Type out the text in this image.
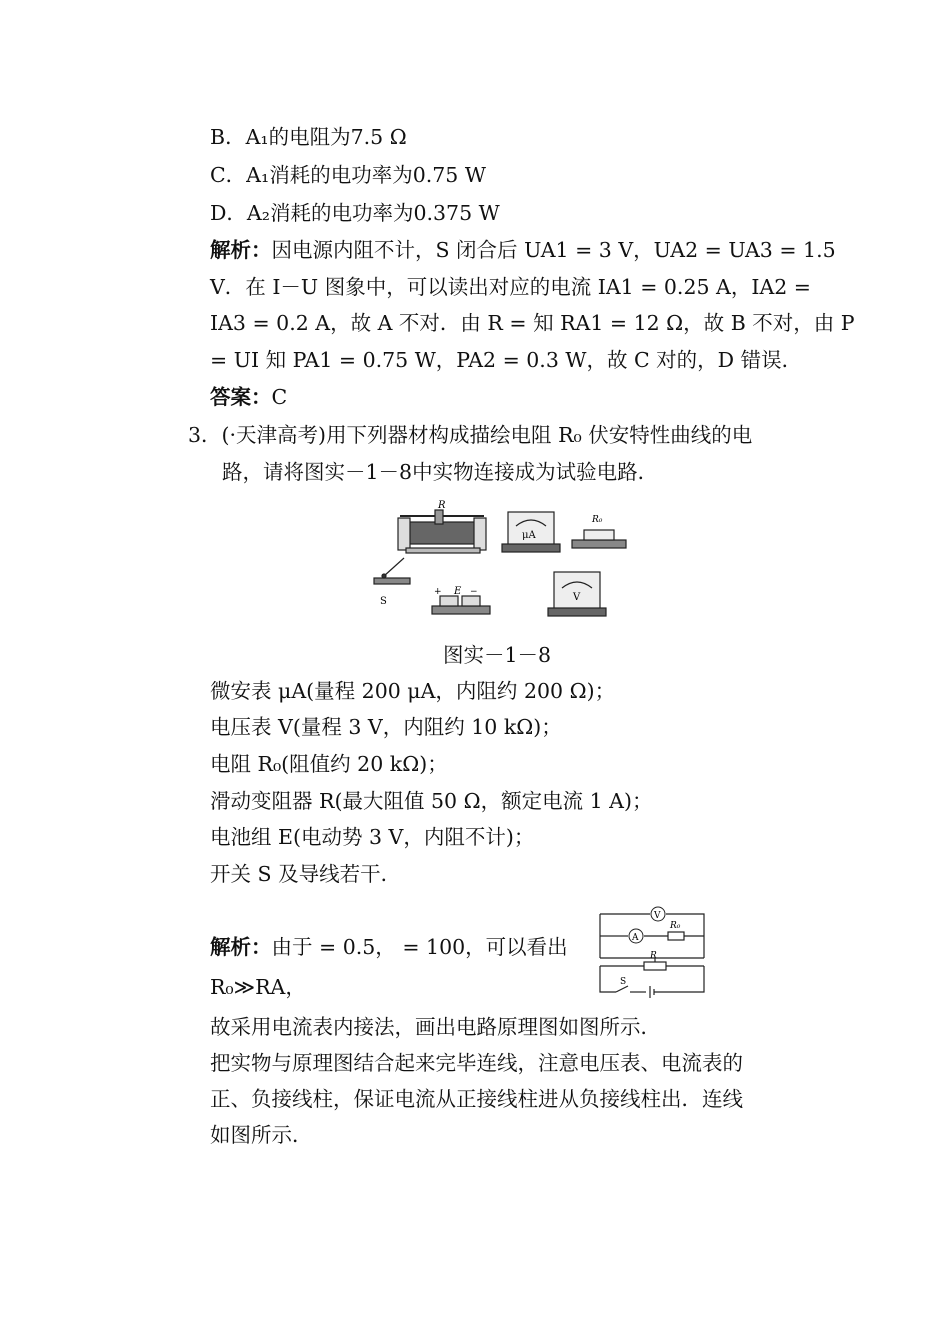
B．A₁的电阻为7.5 Ω
C．A₁消耗的电功率为0.75 W
D．A₂消耗的电功率为0.375 W
解析：因电源内阻不计，S 闭合后 UA1 = 3 V，UA2 = UA3 = 1.5
V．在 I－U 图象中，可以读出对应的电流 IA1 = 0.25 A，IA2 =
IA3 = 0.2 A，故 A 不对．由 R = 知 RA1 = 12 Ω，故 B 不对，由 P
= UI 知 PA1 = 0.75 W，PA2 = 0.3 W，故 C 对的，D 错误．
答案：C
3．(·天津高考)用下列器材构成描绘电阻 R₀ 伏安特性曲线的电
路，请将图实－1－8中实物连接成为试验电路．
R
μA
R₀
S
+ E −	V
图实－1－8
微安表 μA(量程 200 μA，内阻约 200 Ω)；
电压表 V(量程 3 V，内阻约 10 kΩ)；
电阻 R₀(阻值约 20 kΩ)；
滑动变阻器 R(最大阻值 50 Ω，额定电流 1 A)；
电池组 E(电动势 3 V，内阻不计)；
开关 S 及导线若干．
解析：由于 = 0.5， = 100，可以看出
R₀≫RA，
V
A
R₀
R
S
故采用电流表内接法，画出电路原理图如图所示．
把实物与原理图结合起来完毕连线，注意电压表、电流表的
正、负接线柱，保证电流从正接线柱进从负接线柱出．连线
如图所示．
